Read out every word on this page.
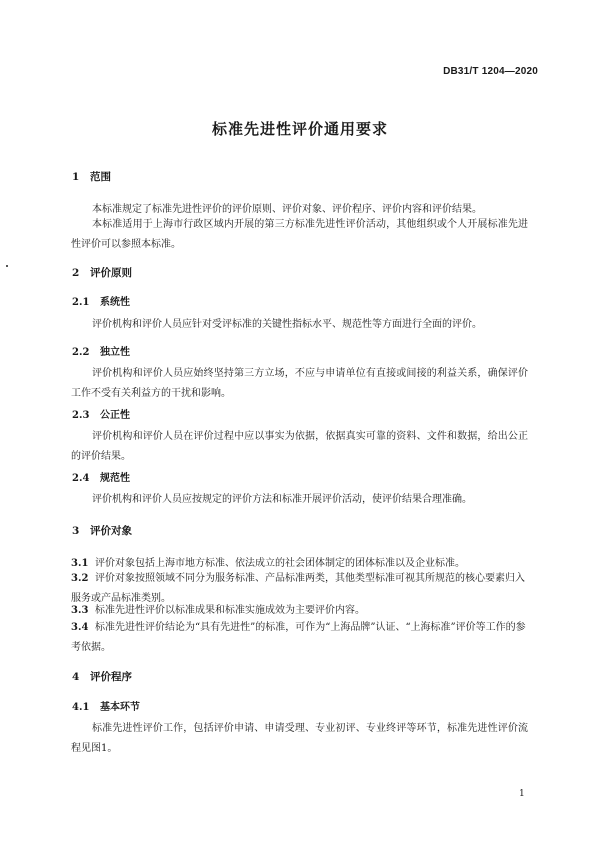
DB31/T 1204—2020
标准先进性评价通用要求
1 范围

本标准规定了标准先进性评价的评价原则、评价对象、评价程序、评价内容和评价结果。

本标准适用于上海市行政区域内开展的第三方标准先进性评价活动，其他组织或个人开展标准先进性评价可以参照本标准。

2 评价原则
2.1 系统性

评价机构和评价人员应针对受评标准的关键性指标水平、规范性等方面进行全面的评价。

2.2 独立性

评价机构和评价人员应始终坚持第三方立场，不应与申请单位有直接或间接的利益关系，确保评价工作不受有关利益方的干扰和影响。

2.3 公正性

评价机构和评价人员在评价过程中应以事实为依据，依据真实可靠的资料、文件和数据，给出公正的评价结果。

2.4 规范性

评价机构和评价人员应按规定的评价方法和标准开展评价活动，使评价结果合理准确。

3 评价对象

3.1 评价对象包括上海市地方标准、依法成立的社会团体制定的团体标准以及企业标准。

3.2 评价对象按照领域不同分为服务标准、产品标准两类，其他类型标准可视其所规范的核心要素归入服务或产品标准类别。

3.3 标准先进性评价以标准成果和标准实施成效为主要评价内容。

3.4 标准先进性评价结论为“具有先进性”的标准，可作为“上海品牌”认证、“上海标准”评价等工作的参考依据。

4 评价程序
4.1 基本环节

标准先进性评价工作，包括评价申请、申请受理、专业初评、专业终评等环节，标准先进性评价流程见图1。

1
